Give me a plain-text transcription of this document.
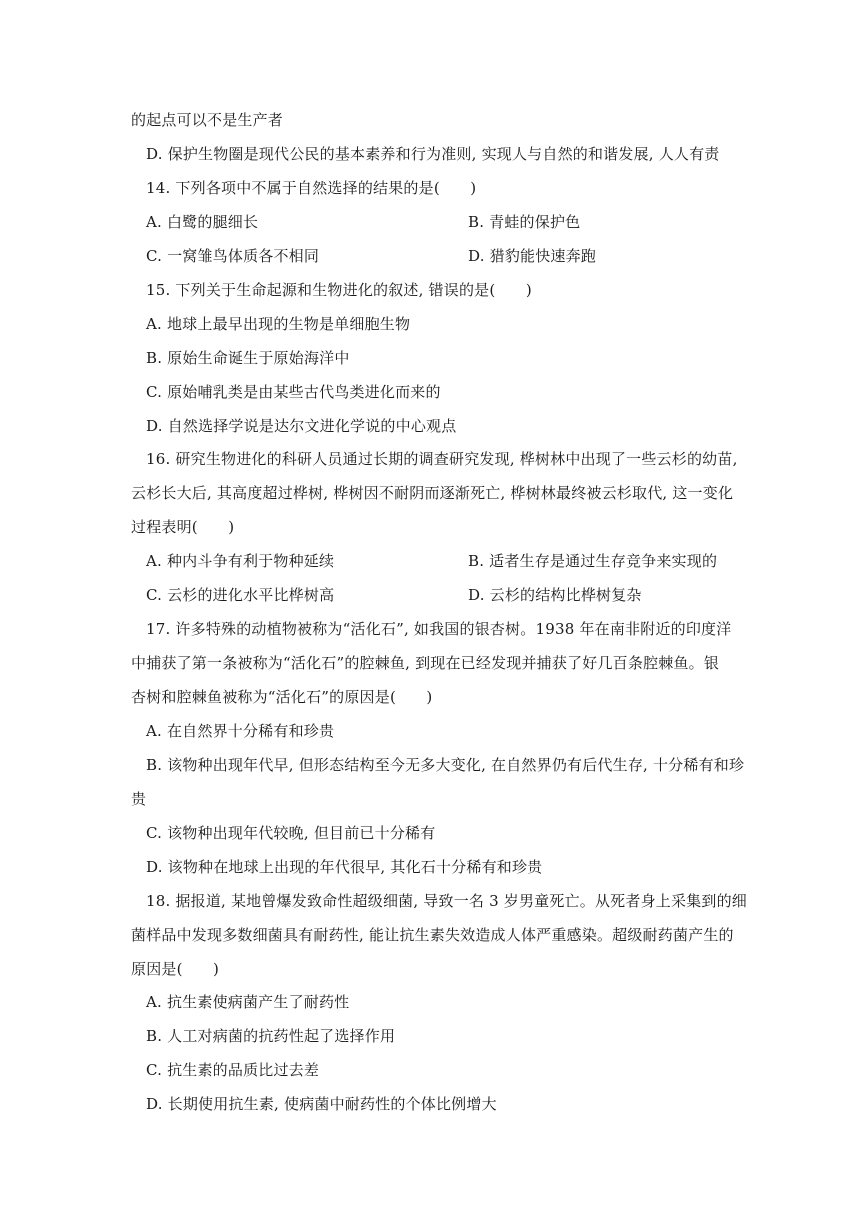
的起点可以不是生产者
D. 保护生物圈是现代公民的基本素养和行为准则, 实现人与自然的和谐发展, 人人有责
14. 下列各项中不属于自然选择的结果的是(　　)
A. 白鹭的腿细长	B. 青蛙的保护色
C. 一窝雏鸟体质各不相同	D. 猎豹能快速奔跑
15. 下列关于生命起源和生物进化的叙述, 错误的是(　　)
A. 地球上最早出现的生物是单细胞生物
B. 原始生命诞生于原始海洋中
C. 原始哺乳类是由某些古代鸟类进化而来的
D. 自然选择学说是达尔文进化学说的中心观点
16. 研究生物进化的科研人员通过长期的调查研究发现, 桦树林中出现了一些云杉的幼苗,
云杉长大后, 其高度超过桦树, 桦树因不耐阴而逐渐死亡, 桦树林最终被云杉取代, 这一变化
过程表明(　　)
A. 种内斗争有利于物种延续	B. 适者生存是通过生存竞争来实现的
C. 云杉的进化水平比桦树高	D. 云杉的结构比桦树复杂
17. 许多特殊的动植物被称为“活化石”, 如我国的银杏树。1938 年在南非附近的印度洋
中捕获了第一条被称为“活化石”的腔棘鱼, 到现在已经发现并捕获了好几百条腔棘鱼。银
杏树和腔棘鱼被称为“活化石”的原因是(　　)
A. 在自然界十分稀有和珍贵
B. 该物种出现年代早, 但形态结构至今无多大变化, 在自然界仍有后代生存, 十分稀有和珍
贵
C. 该物种出现年代较晚, 但目前已十分稀有
D. 该物种在地球上出现的年代很早, 其化石十分稀有和珍贵
18. 据报道, 某地曾爆发致命性超级细菌, 导致一名 3 岁男童死亡。从死者身上采集到的细
菌样品中发现多数细菌具有耐药性, 能让抗生素失效造成人体严重感染。超级耐药菌产生的
原因是(　　)
A. 抗生素使病菌产生了耐药性
B. 人工对病菌的抗药性起了选择作用
C. 抗生素的品质比过去差
D. 长期使用抗生素, 使病菌中耐药性的个体比例增大
